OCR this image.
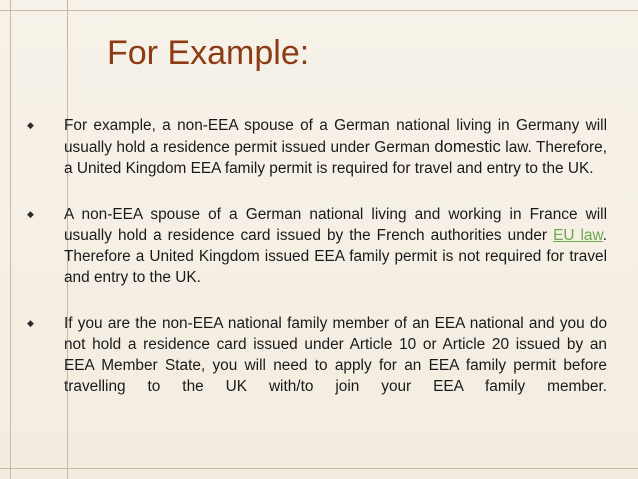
For Example:
◆ For example, a non-EEA spouse of a German national living in Germany will usually hold a residence permit issued under German domestic law. Therefore, a United Kingdom EEA family permit is required for travel and entry to the UK.

◆ A non-EEA spouse of a German national living and working in France will usually hold a residence card issued by the French authorities under EU law. Therefore a United Kingdom issued EEA family permit is not required for travel and entry to the UK.

◆ If you are the non-EEA national family member of an EEA national and you do not hold a residence card issued under Article 10 or Article 20 issued by an EEA Member State, you will need to apply for an EEA family permit before travelling to the UK with/to join your EEA family member.
